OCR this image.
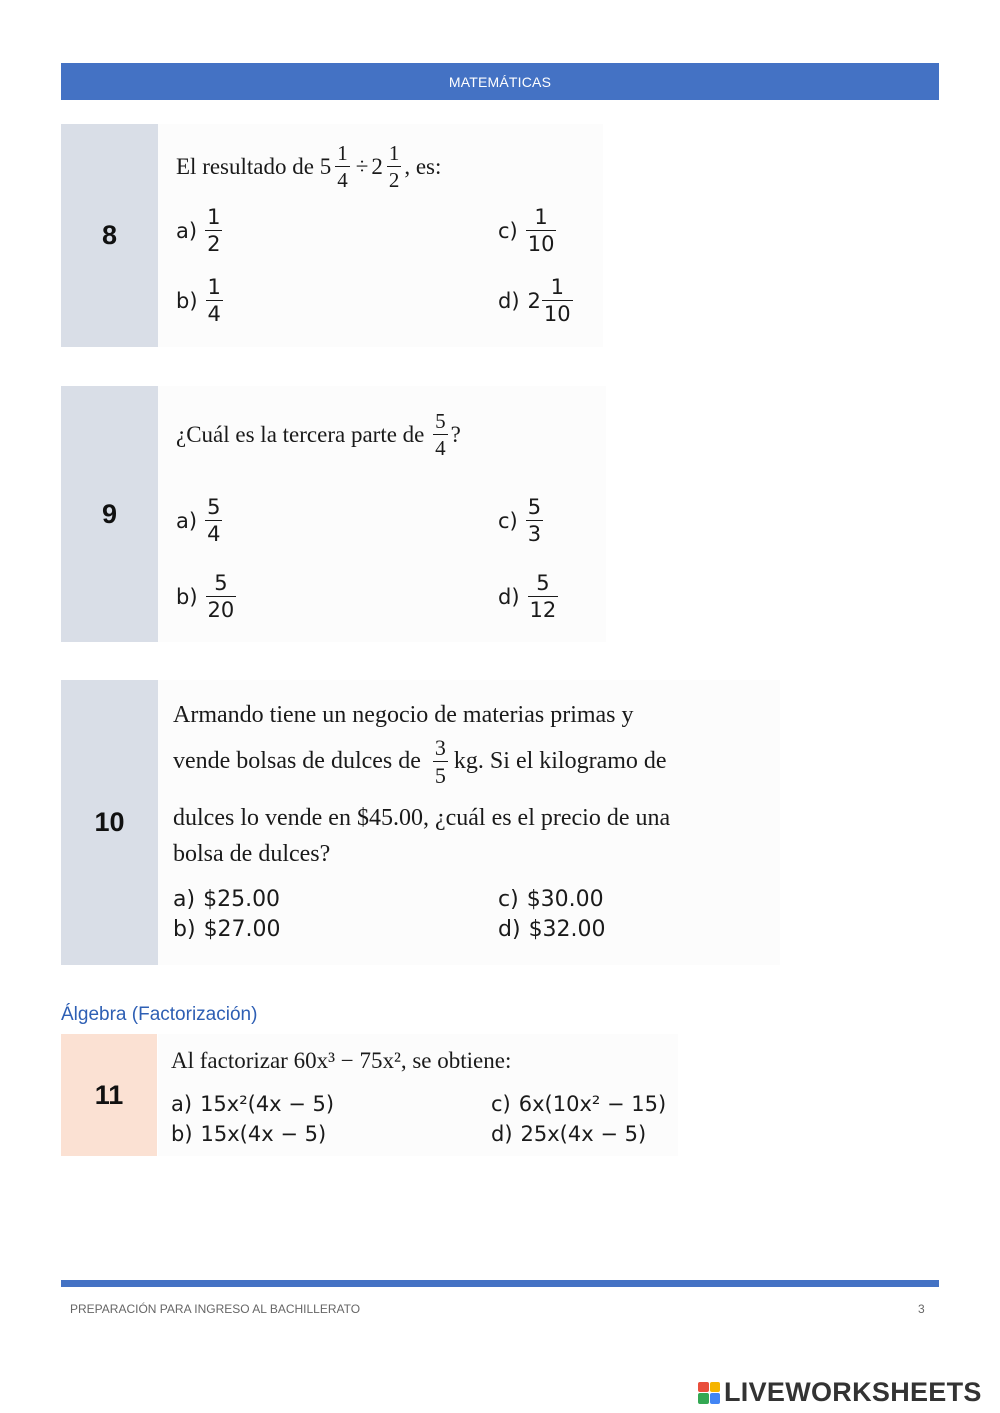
MATEMÁTICAS
8
El resultado de
$5 \frac{1}{4} \div 2 \frac{1}{2}$ , es:
$a) \frac{1}{2}$
$b) \frac{1}{4}$
$c) \frac{1}{10}$
d) $2 \frac{1}{10}$
9
¿Cuál es la tercera parte de
$\frac{5}{4}$ ?
$a) \frac{5}{4}$
$b) \frac{5}{20}$
$c) \frac{5}{3}$
$d) \frac{5}{12}$
10
Armando tiene un negocio de materias primas y
vende bolsas de dulces de
$\frac{3}{5}$ kg. Si el kilogramo de
dulces lo vende en $45.00, ¿cuál es el precio de una
bolsa de dulces?
a) $25.00
b) $27.00
c) $30.00
d) $32.00
Álgebra (Factorización)
11
Al factorizar 60x³ − 75x², se obtiene:
a) 15x²(4x − 5)
b) 15x(4x − 5)
c) 6x(10x² − 15)
d) 25x(4x − 5)
PREPARACIÓN PARA INGRESO AL BACHILLERATO	3
LIVEWORKSHEETS
